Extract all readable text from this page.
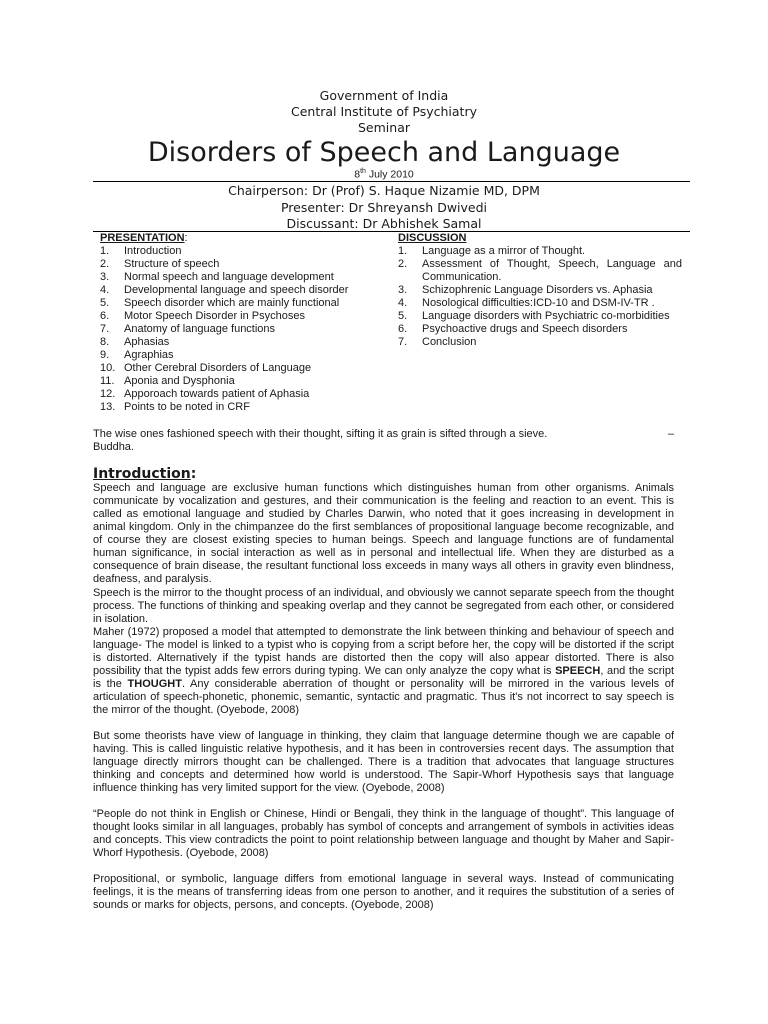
Government of India
Central Institute of Psychiatry
Seminar
Disorders of Speech and Language
8th July 2010
Chairperson: Dr (Prof) S. Haque Nizamie MD, DPM
Presenter: Dr Shreyansh Dwivedi
Discussant: Dr Abhishek Samal
PRESENTATION:
1. Introduction
2. Structure of speech
3. Normal speech and language development
4. Developmental language and speech disorder
5. Speech disorder which are mainly functional
6. Motor Speech Disorder in Psychoses
7. Anatomy of language functions
8. Aphasias
9. Agraphias
10. Other Cerebral Disorders of Language
11. Aponia and Dysphonia
12. Apporoach towards patient of Aphasia
13. Points to be noted in CRF
DISCUSSION
1. Language as a mirror of Thought.
2. Assessment of Thought, Speech, Language and Communication.
3. Schizophrenic Language Disorders vs. Aphasia
4. Nosological difficulties:ICD-10 and DSM-IV-TR .
5. Language disorders with Psychiatric co-morbidities
6. Psychoactive drugs and Speech disorders
7. Conclusion
The wise ones fashioned speech with their thought, sifting it as grain is sifted through a sieve.	–
Buddha.
Introduction:

Speech and language are exclusive human functions which distinguishes human from other organisms. Animals communicate by vocalization and gestures, and their communication is the feeling and reaction to an event. This is called as emotional language and studied by Charles Darwin, who noted that it goes increasing in development in animal kingdom. Only in the chimpanzee do the first semblances of propositional language become recognizable, and of course they are closest existing species to human beings. Speech and language functions are of fundamental human significance, in social interaction as well as in personal and intellectual life. When they are disturbed as a consequence of brain disease, the resultant functional loss exceeds in many ways all others in gravity even blindness, deafness, and paralysis.

Speech is the mirror to the thought process of an individual, and obviously we cannot separate speech from the thought process. The functions of thinking and speaking overlap and they cannot be segregated from each other, or considered in isolation.

Maher (1972) proposed a model that attempted to demonstrate the link between thinking and behaviour of speech and language- The model is linked to a typist who is copying from a script before her, the copy will be distorted if the script is distorted. Alternatively if the typist hands are distorted then the copy will also appear distorted. There is also possibility that the typist adds few errors during typing. We can only analyze the copy what is SPEECH, and the script is the THOUGHT. Any considerable aberration of thought or personality will be mirrored in the various levels of articulation of speech-phonetic, phonemic, semantic, syntactic and pragmatic. Thus it's not incorrect to say speech is the mirror of the thought. (Oyebode, 2008)

But some theorists have view of language in thinking, they claim that language determine though we are capable of having. This is called linguistic relative hypothesis, and it has been in controversies recent days. The assumption that language directly mirrors thought can be challenged. There is a tradition that advocates that language structures thinking and concepts and determined how world is understood. The Sapir-Whorf Hypothesis says that language influence thinking has very limited support for the view. (Oyebode, 2008)

“People do not think in English or Chinese, Hindi or Bengali, they think in the language of thought”. This language of thought looks similar in all languages, probably has symbol of concepts and arrangement of symbols in activities ideas and concepts. This view contradicts the point to point relationship between language and thought by Maher and Sapir-Whorf Hypothesis. (Oyebode, 2008)

Propositional, or symbolic, language differs from emotional language in several ways. Instead of communicating feelings, it is the means of transferring ideas from one person to another, and it requires the substitution of a series of sounds or marks for objects, persons, and concepts. (Oyebode, 2008)
